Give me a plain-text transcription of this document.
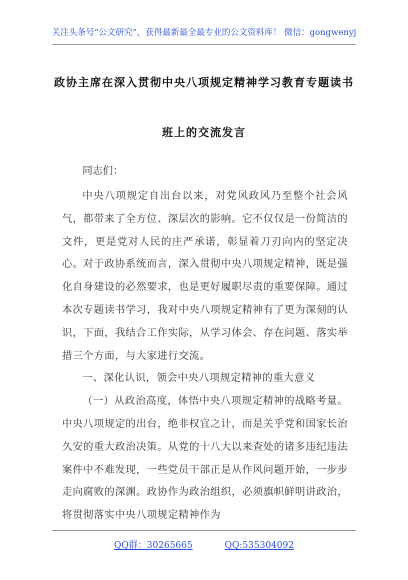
关注头条号“公文研究”，获得最新最全最专业的公文资料库！ 微信：gongwenyj
政协主席在深入贯彻中央八项规定精神学习教育专题读书
班上的交流发言

同志们：

中央八项规定自出台以来，对党风政风乃至整个社会风气，都带来了全方位、深层次的影响。它不仅仅是一份简洁的文件，更是党对人民的庄严承诺，彰显着刀刃向内的坚定决心。对于政协系统而言，深入贯彻中央八项规定精神，既是强化自身建设的必然要求，也是更好履职尽责的重要保障。通过本次专题读书学习，我对中央八项规定精神有了更为深刻的认识，下面，我结合工作实际，从学习体会、存在问题、落实举措三个方面，与大家进行交流。

一、深化认识，领会中央八项规定精神的重大意义

（一）从政治高度，体悟中央八项规定精神的战略考量。中央八项规定的出台，绝非权宜之计，而是关乎党和国家长治久安的重大政治决策。从党的十八大以来查处的诸多违纪违法案件中不难发现，一些党员干部正是从作风问题开始，一步步走向腐败的深渊。政协作为政治组织，必须旗帜鲜明讲政治，将贯彻落实中央八项规定精神作为

QQ群：30265665	QQ:535304092
